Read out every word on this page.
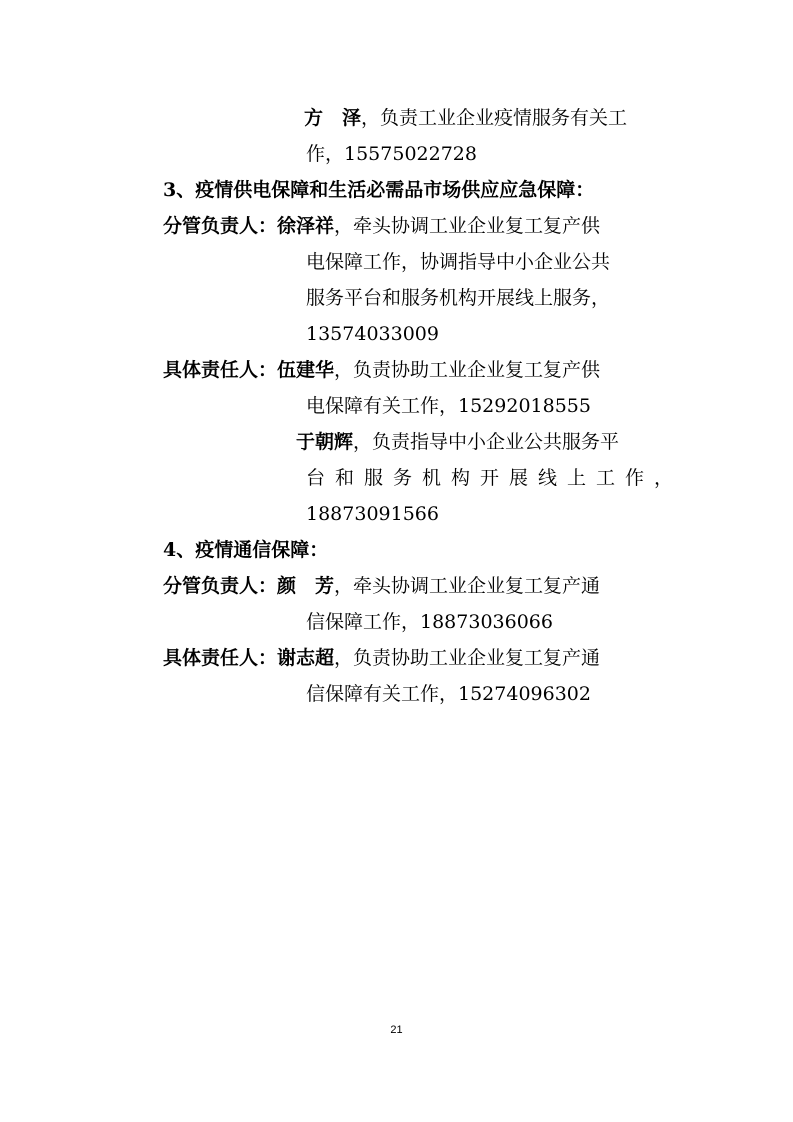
方　泽，负责工业企业疫情服务有关工
作，15575022728
3、疫情供电保障和生活必需品市场供应应急保障：
分管负责人：徐泽祥，牵头协调工业企业复工复产供
电保障工作，协调指导中小企业公共
服务平台和服务机构开展线上服务，
13574033009
具体责任人：伍建华，负责协助工业企业复工复产供
电保障有关工作，15292018555
于朝辉，负责指导中小企业公共服务平
台和服务机构开展线上工作，
18873091566
4、疫情通信保障：
分管负责人：颜　芳，牵头协调工业企业复工复产通
信保障工作，18873036066
具体责任人：谢志超，负责协助工业企业复工复产通
信保障有关工作，15274096302
21
